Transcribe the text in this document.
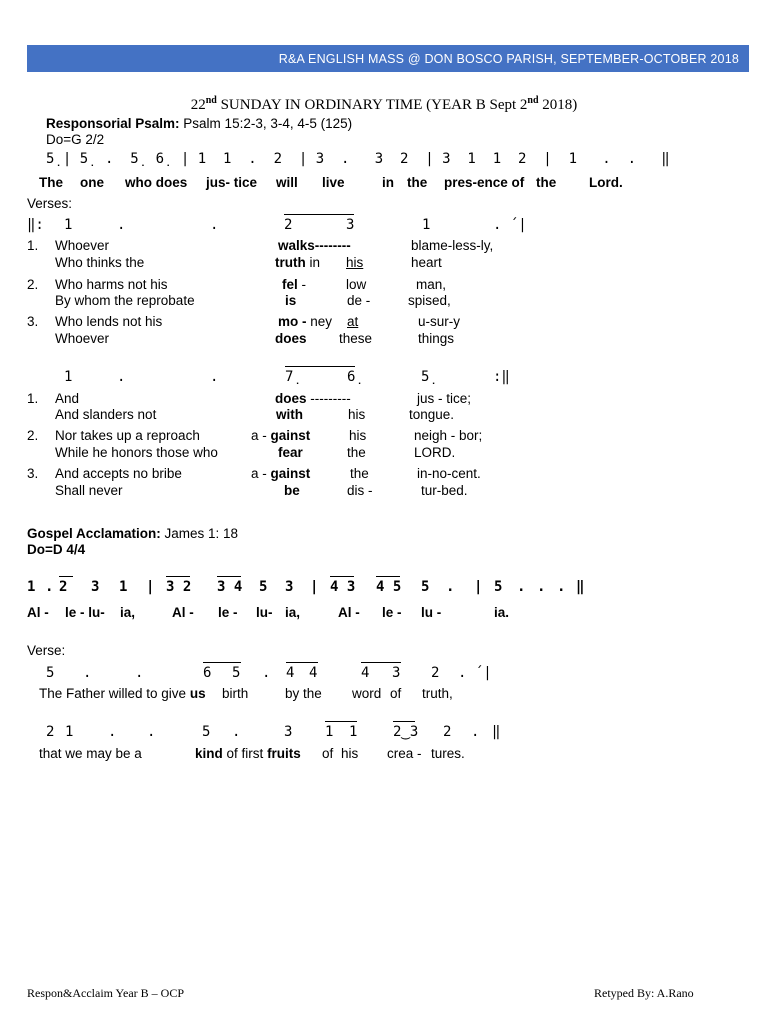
R&A ENGLISH MASS @ DON BOSCO PARISH, SEPTEMBER-OCTOBER 2018
22nd SUNDAY IN ORDINARY TIME (YEAR B Sept 2nd 2018)
Responsorial Psalm: Psalm 15:2-3, 3-4, 4-5 (125)
Do=G 2/2
5̣ | 5̣  .  5̣  6̣  | 1  1  .  2  | 3  .   3  2  | 3  1  1  2  |  1   .  .   ‖
The one who does jus- tice will live	in the pres-ence of the Lord.
Verses:
‖: 1	.	.	2	3	1	. ´|
1. Whoever	walks--------	blame-less-ly,
Who thinks the	truth in his	heart
2. Who harms not his	fel -	low	man,
By whom the reprobate	is	de -	spised,
3. Who lends not his	mo - ney at	u-sur-y
Whoever	does these	things
1	.	.	7̣	6̣	5̣	:‖
1. And	does ---------	jus - tice;
And slanders not	with	his	tongue.
2. Nor takes up a reproach	a - gainst	his	neigh - bor;
While he honors those who	fear	the	LORD.
3. And accepts no bribe	a - gainst	the	in-no-cent.
Shall never	be	dis -	tur-bed.
Gospel Acclamation: James 1: 18
Do=D 4/4
1 . 2 3 1 | 3 2 3 4 5 3 | 4 3 4 5 5 . | 5 . . . ‖
Al - le - lu- ia,	Al - le - lu- ia,	Al - le - lu -	ia.
Verse:
5 .	.	6 5 . 4 4	4 3 2 . ´|
The Father willed to give us birth	by the word of truth,
2 1 . .	5 .	3 1 1	2‿3 2 . ‖
that we may be a	kind of first fruits of his crea - tures.
Respon&Acclaim Year B – OCP	Retyped By: A.Rano
